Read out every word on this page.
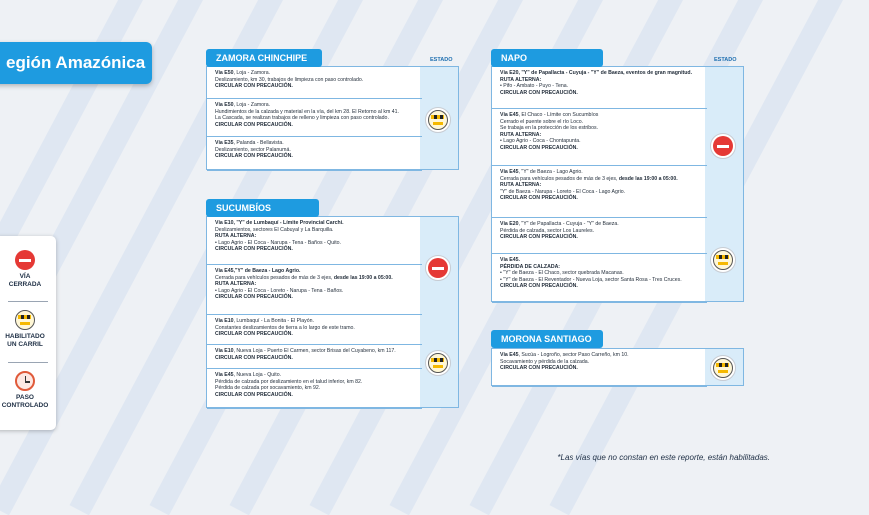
egión Amazónica
VÍA
CERRADA
HABILITADO
UN CARRIL
PASO
CONTROLADO
ZAMORA CHINCHIPE	ESTADO
Vía E50, Loja - Zamora.
Deslizamiento, km 30, trabajos de limpieza con paso controlado.
CIRCULAR CON PRECAUCIÓN.
Vía E50, Loja - Zamora.
Hundimientos de la calzada y material en la vía, del km 28. El Retorno al km 41.
La Cascada, se realizan trabajos de relleno y limpieza con paso controlado.
CIRCULAR CON PRECAUCIÓN.
Vía E35, Palanda - Bellavista.
Deslizamiento, sector Palanumá.
CIRCULAR CON PRECAUCIÓN.
SUCUMBÍOS
Vía E10, "Y" de Lumbaquí - Límite Provincial Carchi.
Deslizamientos, sectores El Cabuyal y La Barquilla.
RUTA ALTERNA:
• Lago Agrio - El Coca - Narupa - Tena - Baños - Quito.
CIRCULAR CON PRECAUCIÓN.
Vía E45,"Y" de Baeza - Lago Agrio.
Cerrada para vehículos pesados de más de 3 ejes, desde las 19:00 a 05:00.
RUTA ALTERNA:
• Lago Agrio - El Coca - Loreto - Narupa - Tena - Baños.
CIRCULAR CON PRECAUCIÓN.
Vía E10, Lumbaquí - La Bonita - El Playón.
Constantes deslizamientos de tierra a lo largo de este tramo.
CIRCULAR CON PRECAUCIÓN.
Vía E10, Nueva Loja - Puerto El Carmen, sector Brisas del Cuyabeno, km 117.
CIRCULAR CON PRECAUCIÓN.
Vía E45, Nueva Loja - Quito.
Pérdida de calzada por deslizamiento en el talud inferior, km 82.
Pérdida de calzada por socavamiento, km 92.
CIRCULAR CON PRECAUCIÓN.
NAPO	ESTADO
Vía E20, "Y" de Papallacta - Cuyuja - "Y" de Baeza, eventos de gran magnitud.
RUTA ALTERNA:
• Pifo - Ambato - Puyo - Tena.
CIRCULAR CON PRECAUCIÓN.
Vía E45, El Chaco - Límite con Sucumbíos
Cerrado el puente sobre el río Loco.
Se trabaja en la protección de los estribos.
RUTA ALTERNA:
• Lago Agrio - Coca - Chontapunta.
CIRCULAR CON PRECAUCIÓN.
Vía E45, "Y" de Baeza - Lago Agrio.
Cerrada para vehículos pesados de más de 3 ejes, desde las 19:00 a 05:00.
RUTA ALTERNA:
"Y" de Baeza - Narupa - Loreto - El Coca - Lago Agrio.
CIRCULAR CON PRECAUCIÓN.
Vía E20, "Y" de Papallacta - Cuyuja - "Y" de Baeza.
Pérdida de calzada, sector Los Laureles.
CIRCULAR CON PRECAUCIÓN.
Vía E45.
PÉRDIDA DE CALZADA:
• "Y" de Baeza - El Chaco, sector quebrada Macanas.
• "Y" de Baeza - El Reventador - Nueva Loja, sector Santa Rosa - Tres Cruces.
CIRCULAR CON PRECAUCIÓN.
MORONA SANTIAGO
Vía E45, Sucúa - Logroño, sector Paso Carreño, km 10.
Socavamiento y pérdida de la calzada.
CIRCULAR CON PRECAUCIÓN.
*Las vías que no constan en este reporte, están habilitadas.
